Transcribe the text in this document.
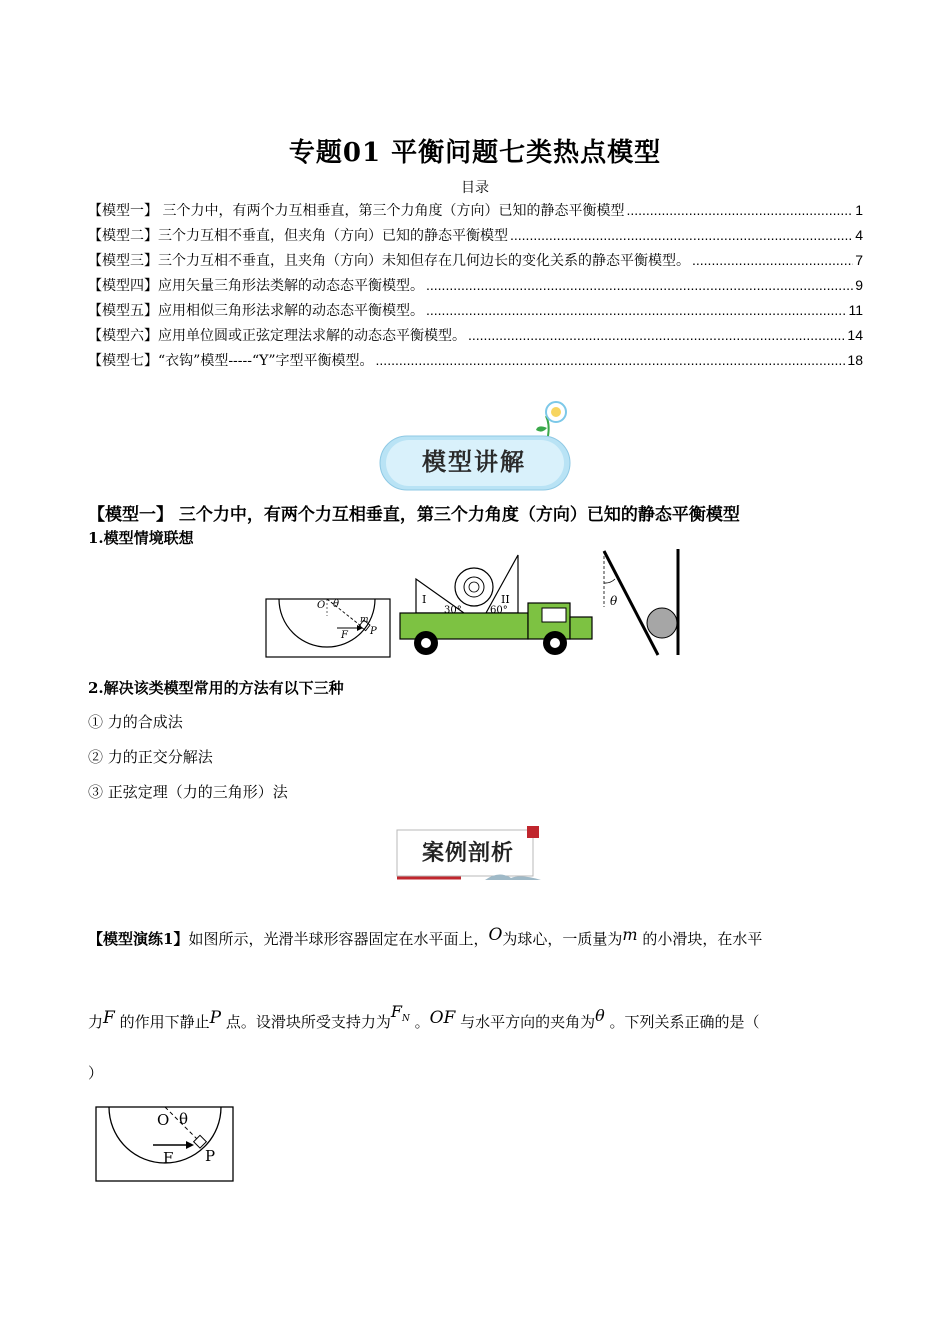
专题01 平衡问题七类热点模型
目录
【模型一】 三个力中，有两个力互相垂直，第三个力角度（方向）已知的静态平衡模型 .....	1
【模型二】三个力互相不垂直，但夹角（方向）已知的静态平衡模型 .....	4
【模型三】三个力互相不垂直，且夹角（方向）未知但存在几何边长的变化关系的静态平衡模型。 .....	7
【模型四】应用矢量三角形法类解的动态态平衡模型。 .....	9
【模型五】应用相似三角形法求解的动态态平衡模型。 .....	11
【模型六】应用单位圆或正弦定理法求解的动态态平衡模型。 .....	14
【模型七】“衣钩”模型-----“Y”字型平衡模型。 .....	18
模型讲解
【模型一】 三个力中，有两个力互相垂直，第三个力角度（方向）已知的静态平衡模型
1.模型情境联想
O θ
m
F P
I	II
30°	60°
θ
2.解决该类模型常用的方法有以下三种
① 力的合成法
② 力的正交分解法
③ 正弦定理（力的三角形）法
案例剖析
【模型演练1】如图所示，光滑半球形容器固定在水平面上，O为球心，一质量为m 的小滑块，在水平
力F 的作用下静止P 点。设滑块所受支持力为$F_N$ 。OF 与水平方向的夹角为θ 。下列关系正确的是（
）
O θ
F P
